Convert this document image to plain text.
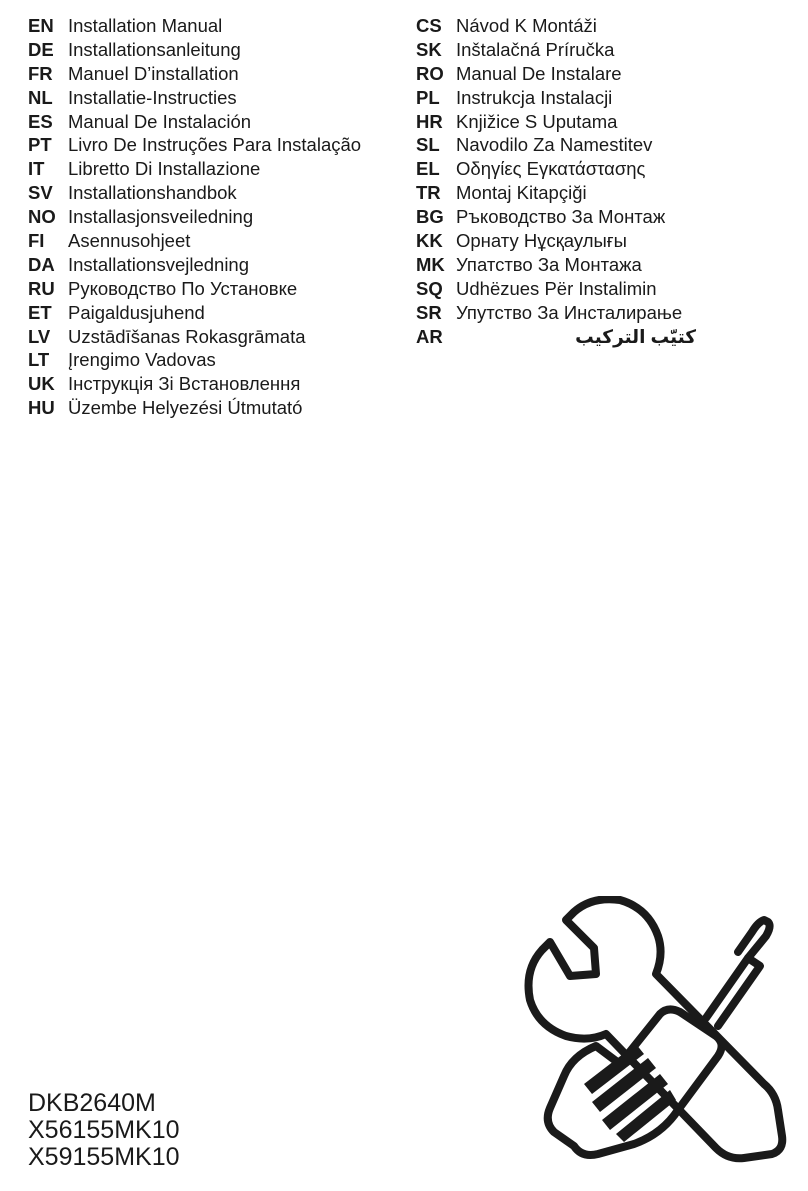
EN Installation Manual
DE Installationsanleitung
FR Manuel D’installation
NL Installatie-Instructies
ES Manual De Instalación
PT Livro De Instruções Para Instalação
IT	Libretto Di Installazione
SV Installationshandbok
NO Installasjonsveiledning
FI	Asennusohjeet
DA Installationsvejledning
RU Руководство По Установке
ET Paigaldusjuhend
LV Uzstādīšanas Rokasgrāmata
LT	Įrengimo Vadovas
UK Інструкція Зі Встановлення
HU Üzembe Helyezési Útmutató
CS Návod K Montáži
SK Inštalačná Príručka
RO Manual De Instalare
PL Instrukcja Instalacji
HR Knjižice S Uputama
SL Navodilo Za Namestitev
EL Οδηγίες Εγκατάστασης
TR Montaj Kitapçiği
BG Ръководство За Монтаж
KK Орнату Нұсқаулығы
MK Упатство За Монтажа
SQ Udhëzues Për Instalimin
SR Упутство За Инсталирање
AR	كتيّب التركيب
DKB2640M
X56155MK10
X59155MK10
